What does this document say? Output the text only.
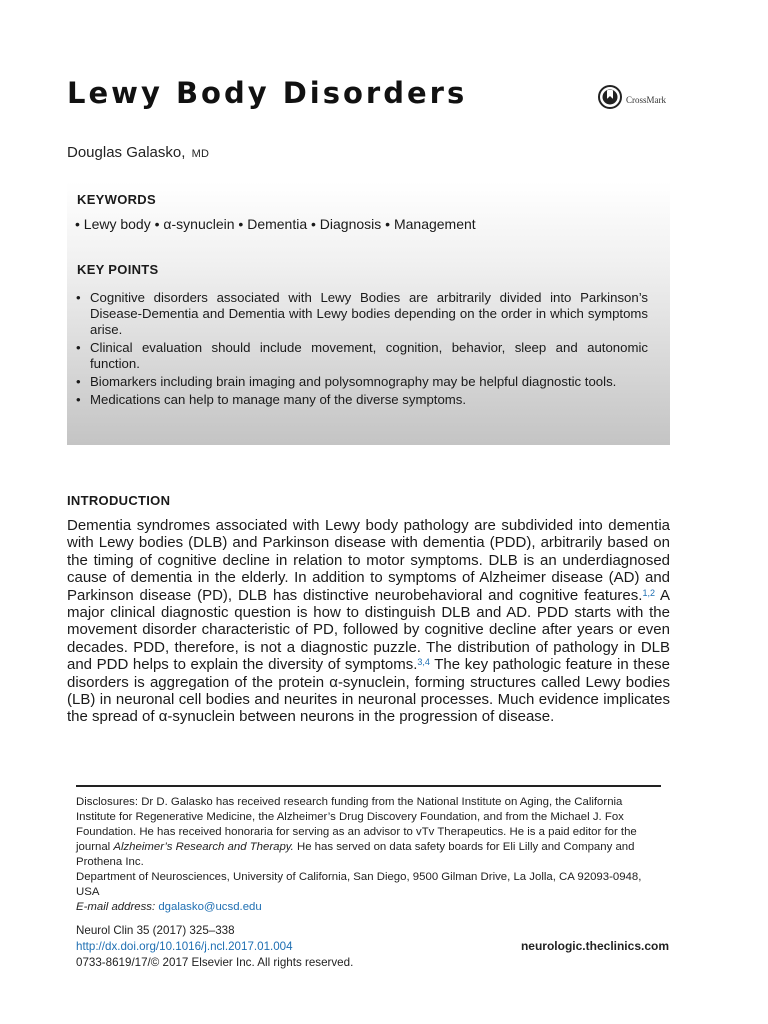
Lewy Body Disorders	CrossMark
Douglas Galasko, MD
KEYWORDS
• Lewy body • α-synuclein • Dementia • Diagnosis • Management
KEY POINTS
• Cognitive disorders associated with Lewy Bodies are arbitrarily divided into Parkinson’s Disease-Dementia and Dementia with Lewy bodies depending on the order in which symptoms arise.
• Clinical evaluation should include movement, cognition, behavior, sleep and autonomic function.
• Biomarkers including brain imaging and polysomnography may be helpful diagnostic tools.
• Medications can help to manage many of the diverse symptoms.
INTRODUCTION

Dementia syndromes associated with Lewy body pathology are subdivided into dementia with Lewy bodies (DLB) and Parkinson disease with dementia (PDD), arbitrarily based on the timing of cognitive decline in relation to motor symptoms. DLB is an underdiagnosed cause of dementia in the elderly. In addition to symptoms of Alzheimer disease (AD) and Parkinson disease (PD), DLB has distinctive neurobehavioral and cognitive features.$^{1,2}$ A major clinical diagnostic question is how to distinguish DLB and AD. PDD starts with the movement disorder characteristic of PD, followed by cognitive decline after years or even decades. PDD, therefore, is not a diagnostic puzzle. The distribution of pathology in DLB and PDD helps to explain the diversity of symptoms.$^{3,4}$ The key pathologic feature in these disorders is aggregation of the protein α-synuclein, forming structures called Lewy bodies (LB) in neuronal cell bodies and neurites in neuronal processes. Much evidence implicates the spread of α-synuclein between neurons in the progression of disease.

Disclosures: Dr D. Galasko has received research funding from the National Institute on Aging, the California Institute for Regenerative Medicine, the Alzheimer’s Drug Discovery Foundation, and from the Michael J. Fox Foundation. He has received honoraria for serving as an advisor to vTv Therapeutics. He is a paid editor for the journal Alzheimer’s Research and Therapy. He has served on data safety boards for Eli Lilly and Company and Prothena Inc.

Department of Neurosciences, University of California, San Diego, 9500 Gilman Drive, La Jolla, CA 92093-0948, USA

E-mail address: dgalasko@ucsd.edu

Neurol Clin 35 (2017) 325–338
http://dx.doi.org/10.1016/j.ncl.2017.01.004
0733-8619/17/© 2017 Elsevier Inc. All rights reserved.
neurologic.theclinics.com
